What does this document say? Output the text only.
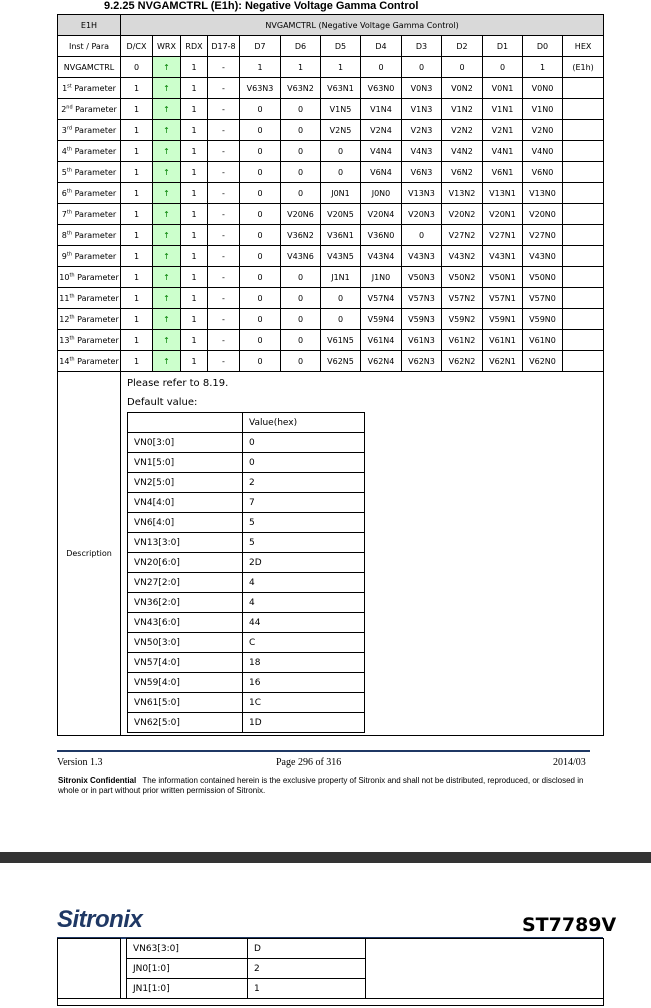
9.2.25 NVGAMCTRL (E1h): Negative Voltage Gamma Control
E1H	NVGAMCTRL (Negative Voltage Gamma Control)
Inst / Para	D/CX	WRX	RDX	D17-8	D7	D6	D5	D4	D3	D2	D1	D0	HEX
NVGAMCTRL	0	↑	1	-	1	1	1	0	0	0	0	1	(E1h)
1st Parameter	1	↑	1	-	V63N3	V63N2	V63N1	V63N0	V0N3	V0N2	V0N1	V0N0	
2nd Parameter	1	↑	1	-	0	0	V1N5	V1N4	V1N3	V1N2	V1N1	V1N0	
3rd Parameter	1	↑	1	-	0	0	V2N5	V2N4	V2N3	V2N2	V2N1	V2N0	
4th Parameter	1	↑	1	-	0	0	0	V4N4	V4N3	V4N2	V4N1	V4N0	
5th Parameter	1	↑	1	-	0	0	0	V6N4	V6N3	V6N2	V6N1	V6N0	
6th Parameter	1	↑	1	-	0	0	J0N1	J0N0	V13N3	V13N2	V13N1	V13N0	
7th Parameter	1	↑	1	-	0	V20N6	V20N5	V20N4	V20N3	V20N2	V20N1	V20N0	
8th Parameter	1	↑	1	-	0	V36N2	V36N1	V36N0	0	V27N2	V27N1	V27N0	
9th Parameter	1	↑	1	-	0	V43N6	V43N5	V43N4	V43N3	V43N2	V43N1	V43N0	
10th Parameter	1	↑	1	-	0	0	J1N1	J1N0	V50N3	V50N2	V50N1	V50N0	
11th Parameter	1	↑	1	-	0	0	0	V57N4	V57N3	V57N2	V57N1	V57N0	
12th Parameter	1	↑	1	-	0	0	0	V59N4	V59N3	V59N2	V59N1	V59N0	
13th Parameter	1	↑	1	-	0	0	V61N5	V61N4	V61N3	V61N2	V61N1	V61N0	
14th Parameter	1	↑	1	-	0	0	V62N5	V62N4	V62N3	V62N2	V62N1	V62N0	
Description	
Please refer to 8.19.
Default value:
	Value(hex)
VN0[3:0]	0
VN1[5:0]	0
VN2[5:0]	2
VN4[4:0]	7
VN6[4:0]	5
VN13[3:0]	5
VN20[6:0]	2D
VN27[2:0]	4
VN36[2:0]	4
VN43[6:0]	44
VN50[3:0]	C
VN57[4:0]	18
VN59[4:0]	16
VN61[5:0]	1C
VN62[5:0]	1D
Version 1.3	Page 296 of 316	2014/03
Sitronix Confidential The information contained herein is the exclusive property of Sitronix and shall not be distributed, reproduced, or disclosed in whole or in part without prior written permission of Sitronix.
Sitronix	ST7789V
		VN63[3:0]	D	
		JN0[1:0]	2	
		JN1[1:0]	1	
